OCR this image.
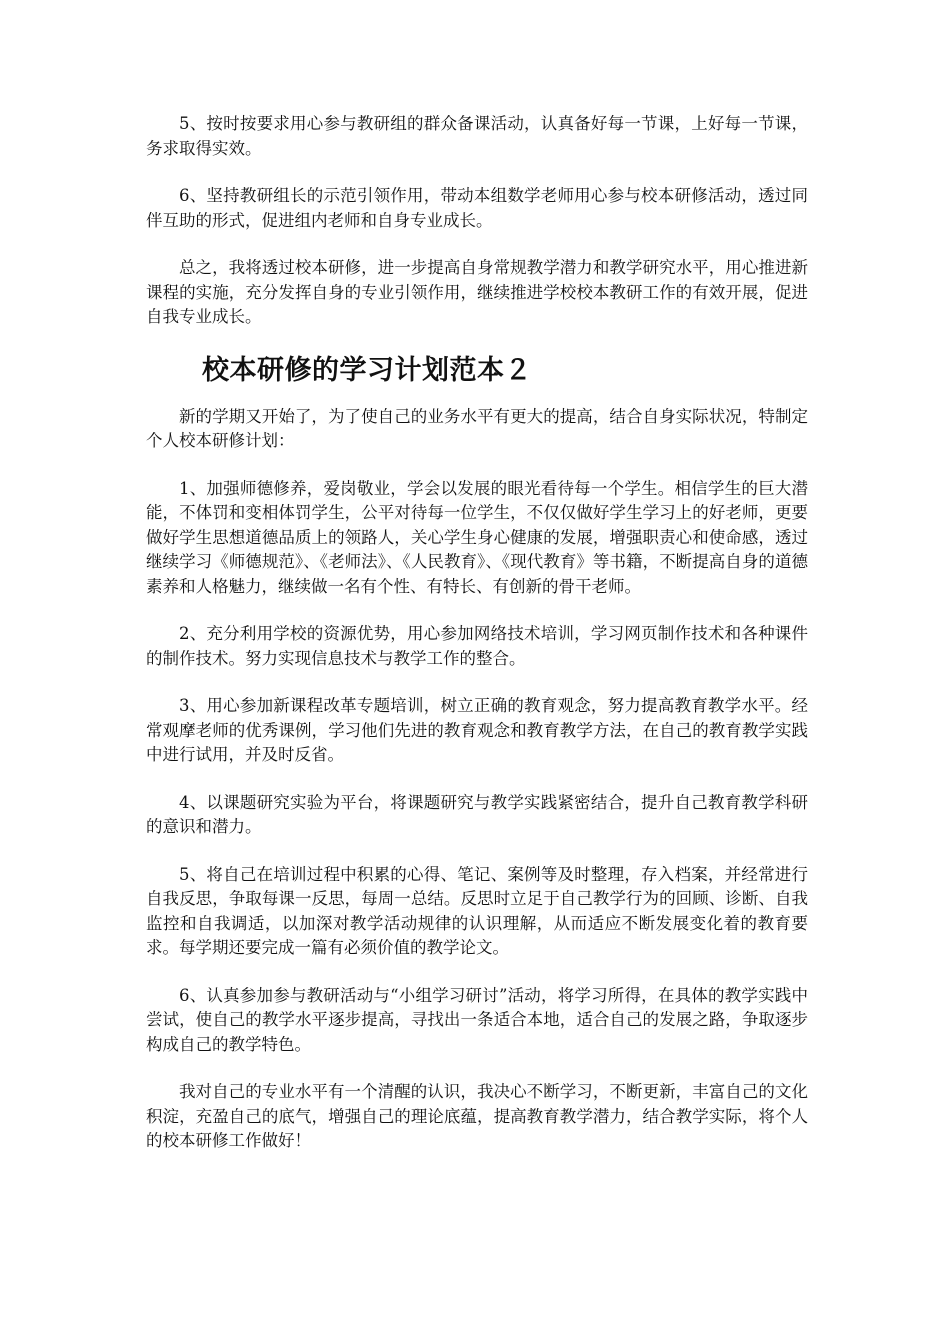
5、按时按要求用心参与教研组的群众备课活动，认真备好每一节课，上好每一节课，务求取得实效。

6、坚持教研组长的示范引领作用，带动本组数学老师用心参与校本研修活动，透过同伴互助的形式，促进组内老师和自身专业成长。

总之，我将透过校本研修，进一步提高自身常规教学潜力和教学研究水平，用心推进新课程的实施，充分发挥自身的专业引领作用，继续推进学校校本教研工作的有效开展，促进自我专业成长。

校本研修的学习计划范本２

新的学期又开始了，为了使自己的业务水平有更大的提高，结合自身实际状况，特制定个人校本研修计划：

1、加强师德修养，爱岗敬业，学会以发展的眼光看待每一个学生。相信学生的巨大潜能，不体罚和变相体罚学生，公平对待每一位学生，不仅仅做好学生学习上的好老师，更要做好学生思想道德品质上的领路人，关心学生身心健康的发展，增强职责心和使命感，透过继续学习《师德规范》、《老师法》、《人民教育》、《现代教育》等书籍，不断提高自身的道德素养和人格魅力，继续做一名有个性、有特长、有创新的骨干老师。

2、充分利用学校的资源优势，用心参加网络技术培训，学习网页制作技术和各种课件的制作技术。努力实现信息技术与教学工作的整合。

3、用心参加新课程改革专题培训，树立正确的教育观念，努力提高教育教学水平。经常观摩老师的优秀课例，学习他们先进的教育观念和教育教学方法，在自己的教育教学实践中进行试用，并及时反省。

4、以课题研究实验为平台，将课题研究与教学实践紧密结合，提升自己教育教学科研的意识和潜力。

5、将自己在培训过程中积累的心得、笔记、案例等及时整理，存入档案，并经常进行自我反思，争取每课一反思，每周一总结。反思时立足于自己教学行为的回顾、诊断、自我监控和自我调适，以加深对教学活动规律的认识理解，从而适应不断发展变化着的教育要求。每学期还要完成一篇有必须价值的教学论文。

6、认真参加参与教研活动与“小组学习研讨”活动，将学习所得，在具体的教学实践中尝试，使自己的教学水平逐步提高，寻找出一条适合本地，适合自己的发展之路，争取逐步构成自己的教学特色。

我对自己的专业水平有一个清醒的认识，我决心不断学习，不断更新，丰富自己的文化积淀，充盈自己的底气，增强自己的理论底蕴，提高教育教学潜力，结合教学实际，将个人的校本研修工作做好！
